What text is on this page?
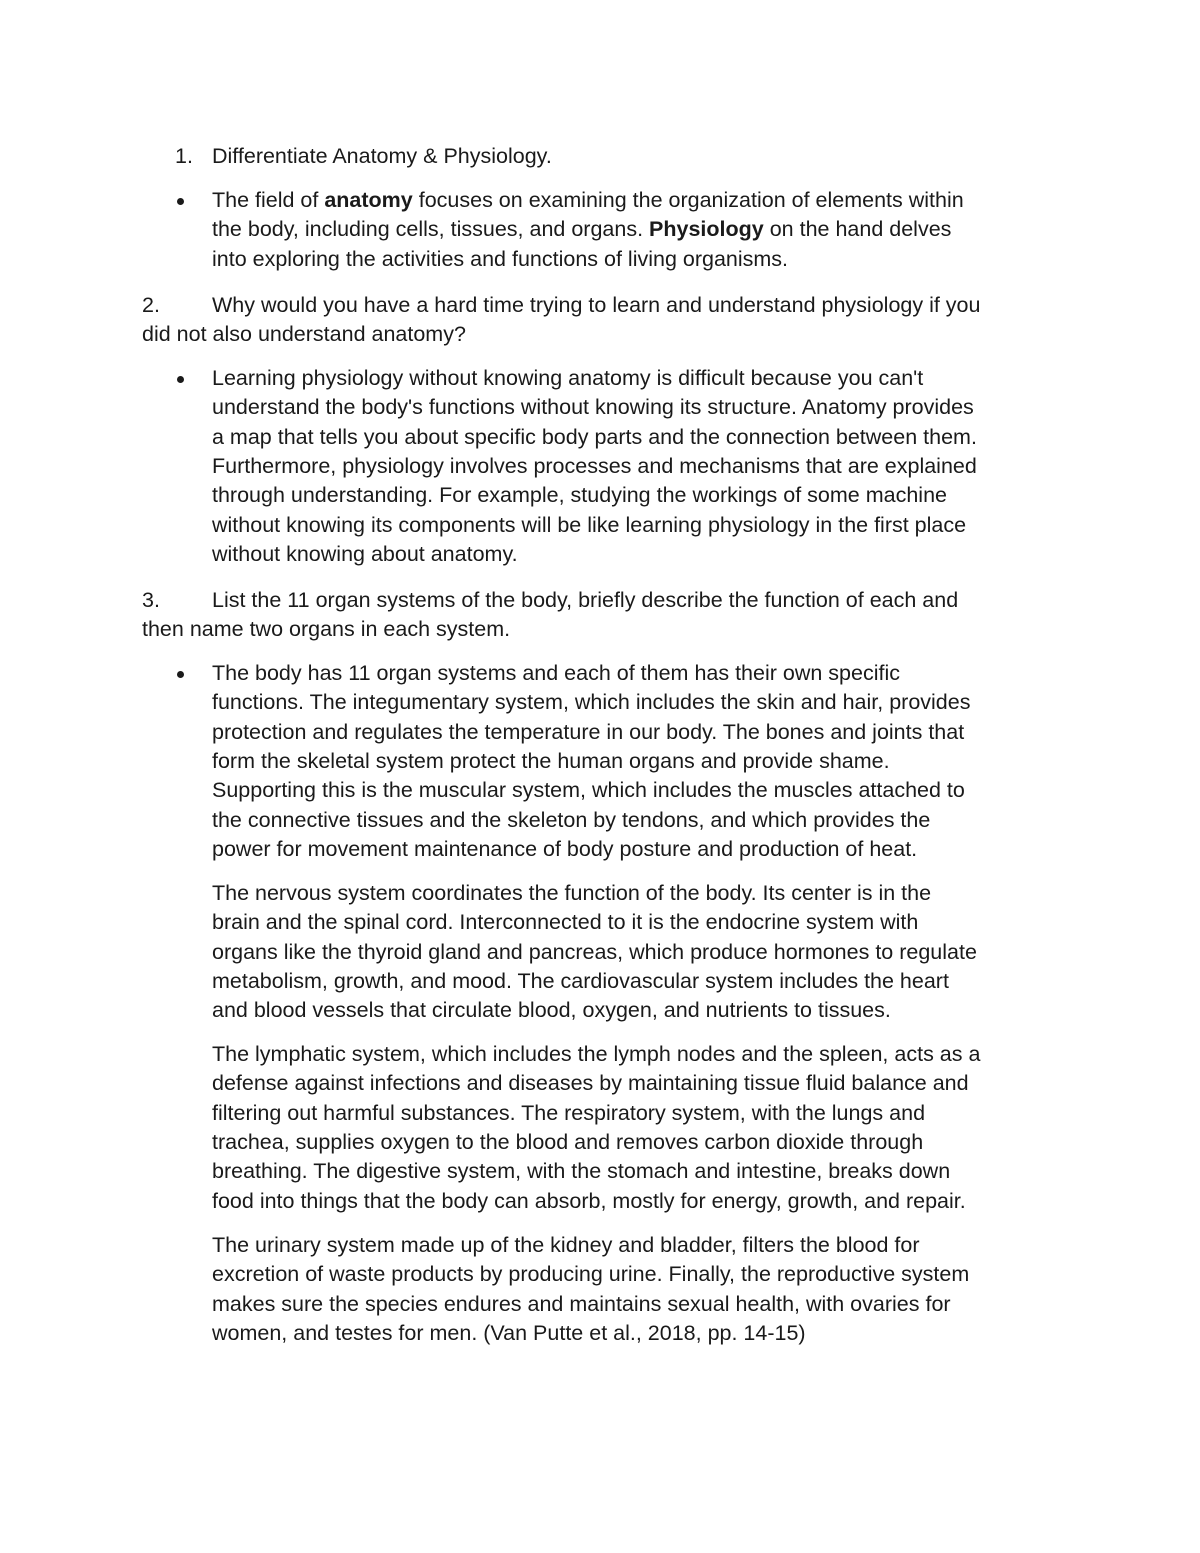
1. Differentiate Anatomy & Physiology.
The field of anatomy focuses on examining the organization of elements within
the body, including cells, tissues, and organs. Physiology on the hand delves
into exploring the activities and functions of living organisms.
2. Why would you have a hard time trying to learn and understand physiology if you
did not also understand anatomy?
Learning physiology without knowing anatomy is difficult because you can't
understand the body's functions without knowing its structure. Anatomy provides
a map that tells you about specific body parts and the connection between them.
Furthermore, physiology involves processes and mechanisms that are explained
through understanding. For example, studying the workings of some machine
without knowing its components will be like learning physiology in the first place
without knowing about anatomy.
3. List the 11 organ systems of the body, briefly describe the function of each and
then name two organs in each system.
The body has 11 organ systems and each of them has their own specific
functions. The integumentary system, which includes the skin and hair, provides
protection and regulates the temperature in our body. The bones and joints that
form the skeletal system protect the human organs and provide shame.
Supporting this is the muscular system, which includes the muscles attached to
the connective tissues and the skeleton by tendons, and which provides the
power for movement maintenance of body posture and production of heat.
The nervous system coordinates the function of the body. Its center is in the
brain and the spinal cord. Interconnected to it is the endocrine system with
organs like the thyroid gland and pancreas, which produce hormones to regulate
metabolism, growth, and mood. The cardiovascular system includes the heart
and blood vessels that circulate blood, oxygen, and nutrients to tissues.
The lymphatic system, which includes the lymph nodes and the spleen, acts as a
defense against infections and diseases by maintaining tissue fluid balance and
filtering out harmful substances. The respiratory system, with the lungs and
trachea, supplies oxygen to the blood and removes carbon dioxide through
breathing. The digestive system, with the stomach and intestine, breaks down
food into things that the body can absorb, mostly for energy, growth, and repair.
The urinary system made up of the kidney and bladder, filters the blood for
excretion of waste products by producing urine. Finally, the reproductive system
makes sure the species endures and maintains sexual health, with ovaries for
women, and testes for men. (Van Putte et al., 2018, pp. 14-15)
